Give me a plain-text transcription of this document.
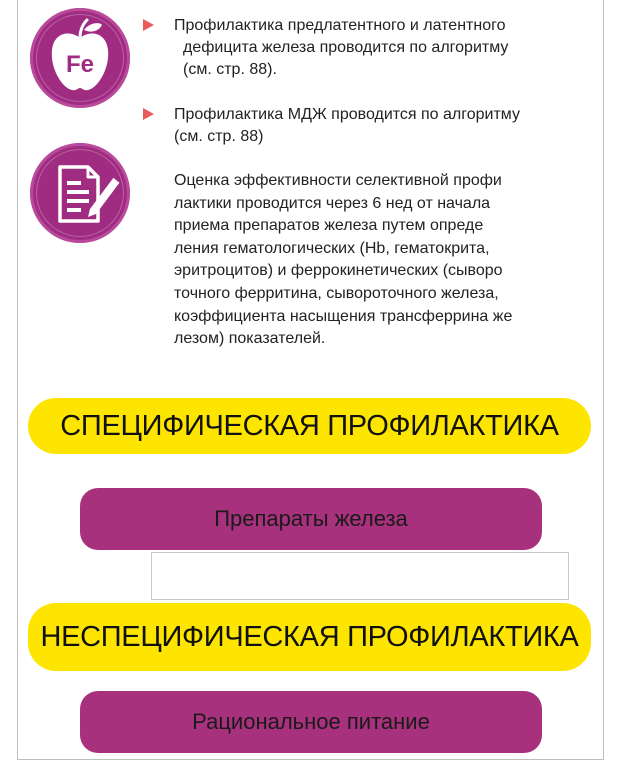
Fe
Профилактика предлатентного и латентного
дефицита железа проводится по алгоритму
(см. стр. 88).
Профилактика МДЖ проводится по алгоритму
(см. стр. 88)
Оценка эффективности селективной профи
лактики проводится через 6 нед от начала
приема препаратов железа путем опреде
ления гематологических (Hb, гематокрита,
эритроцитов) и феррокинетических (сыворо
точного ферритина, сывороточного железа,
коэффициента насыщения трансферрина же
лезом) показателей.
СПЕЦИФИЧЕСКАЯ ПРОФИЛАКТИКА
Препараты железа
НЕСПЕЦИФИЧЕСКАЯ ПРОФИЛАКТИКА
Рациональное питание
